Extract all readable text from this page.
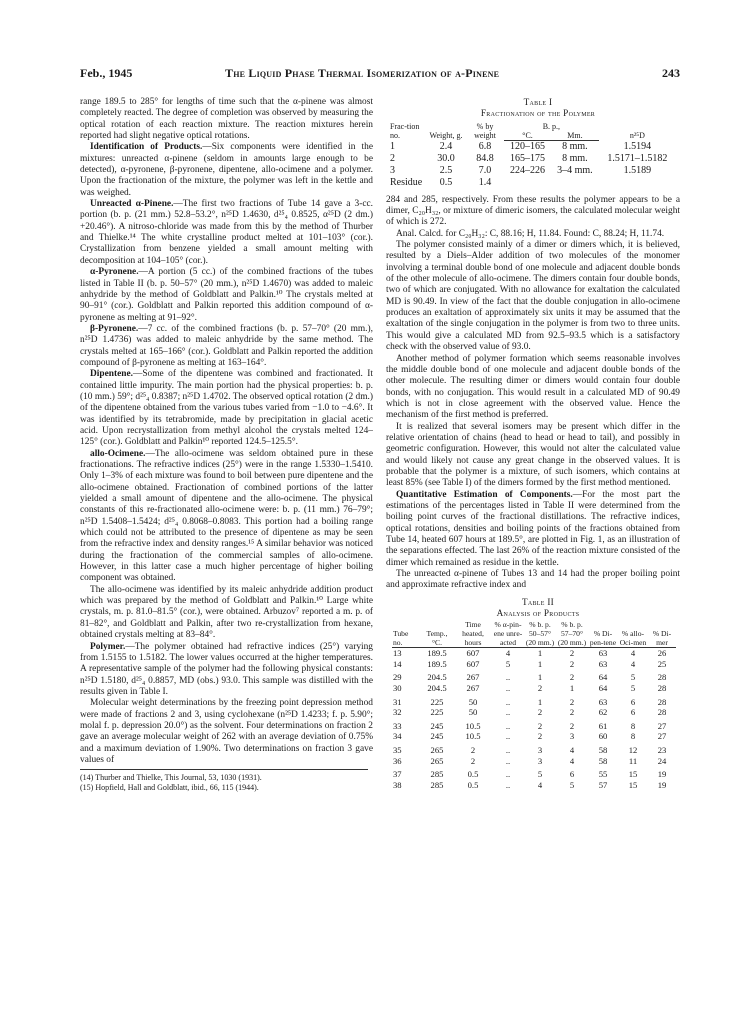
Feb., 1945	The Liquid Phase Thermal Isomerization of α-Pinene	243

range 189.5 to 285° for lengths of time such that the α-pinene was almost completely reacted. The degree of completion was observed by measuring the optical rotation of each reaction mixture. The reaction mixtures herein reported had slight negative optical rotations.

Identification of Products.—Six components were identified in the mixtures: unreacted α-pinene (seldom in amounts large enough to be detected), α-pyronene, β-pyronene, dipentene, allo-ocimene and a polymer. Upon the fractionation of the mixture, the polymer was left in the kettle and was weighed.

Unreacted α-Pinene.—The first two fractions of Tube 14 gave a 3-cc. portion (b. p. (21 mm.) 52.8–53.2°, n²⁵D 1.4630, d²⁵₄ 0.8525, α²⁵D (2 dm.) +20.46°). A nitroso-chloride was made from this by the method of Thurber and Thielke.¹⁴ The white crystalline product melted at 101–103° (cor.). Crystallization from benzene yielded a small amount melting with decomposition at 104–105° (cor.).

α-Pyronene.—A portion (5 cc.) of the combined fractions of the tubes listed in Table II (b. p. 50–57° (20 mm.), n²⁵D 1.4670) was added to maleic anhydride by the method of Goldblatt and Palkin.¹⁰ The crystals melted at 90–91° (cor.). Goldblatt and Palkin reported this addition compound of α-pyronene as melting at 91–92°.

β-Pyronene.—7 cc. of the combined fractions (b. p. 57–70° (20 mm.), n²⁵D 1.4736) was added to maleic anhydride by the same method. The crystals melted at 165–166° (cor.). Goldblatt and Palkin reported the addition compound of β-pyronene as melting at 163–164°.

Dipentene.—Some of the dipentene was combined and fractionated. It contained little impurity. The main portion had the physical properties: b. p. (10 mm.) 59°; d²⁵₄ 0.8387; n²⁵D 1.4702. The observed optical rotation (2 dm.) of the dipentene obtained from the various tubes varied from −1.0 to −4.6°. It was identified by its tetrabromide, made by precipitation in glacial acetic acid. Upon recrystallization from methyl alcohol the crystals melted 124–125° (cor.). Goldblatt and Palkin¹⁰ reported 124.5–125.5°.

allo-Ocimene.—The allo-ocimene was seldom obtained pure in these fractionations. The refractive indices (25°) were in the range 1.5330–1.5410. Only 1–3% of each mixture was found to boil between pure dipentene and the allo-ocimene obtained. Fractionation of combined portions of the latter yielded a small amount of dipentene and the allo-ocimene. The physical constants of this re-fractionated allo-ocimene were: b. p. (11 mm.) 76–79°; n²⁵D 1.5408–1.5424; d²⁵₄ 0.8068–0.8083. This portion had a boiling range which could not be attributed to the presence of dipentene as may be seen from the refractive index and density ranges.¹⁵ A similar behavior was noticed during the fractionation of the commercial samples of allo-ocimene. However, in this latter case a much higher percentage of higher boiling component was obtained.

The allo-ocimene was identified by its maleic anhydride addition product which was prepared by the method of Goldblatt and Palkin.¹⁰ Large white crystals, m. p. 81.0–81.5° (cor.), were obtained. Arbuzov⁷ reported a m. p. of 81–82°, and Goldblatt and Palkin, after two re-crystallization from hexane, obtained crystals melting at 83–84°.

Polymer.—The polymer obtained had refractive indices (25°) varying from 1.5155 to 1.5182. The lower values occurred at the higher temperatures. A representative sample of the polymer had the following physical constants: n²⁵D 1.5180, d²⁵₄ 0.8857, MD (obs.) 93.0. This sample was distilled with the results given in Table I.

Molecular weight determinations by the freezing point depression method were made of fractions 2 and 3, using cyclohexane (n²⁵D 1.4233; f. p. 5.90°; molal f. p. depression 20.0°) as the solvent. Four determinations on fraction 2 gave an average molecular weight of 262 with an average deviation of 0.75% and a maximum deviation of 1.90%. Two determinations on fraction 3 gave values of

(14) Thurber and Thielke, This Journal, 53, 1030 (1931).

(15) Hopfield, Hall and Goldblatt, ibid., 66, 115 (1944).

Table I

Fractionation of the Polymer

Frac-tion no.	Weight, g.	% by weight	B. p.,		n²⁵D
			°C.	Mm.	
1	2.4	6.8	120–165	8 mm.	1.5194
2	30.0	84.8	165–175	8 mm.	1.5171–1.5182
3	2.5	7.0	224–226	3–4 mm.	1.5189
Residue	0.5	1.4			

284 and 285, respectively. From these results the polymer appears to be a dimer, C₂₀H₃₂, or mixture of dimeric isomers, the calculated molecular weight of which is 272.

Anal. Calcd. for C₂₀H₃₂: C, 88.16; H, 11.84. Found: C, 88.24; H, 11.74.

The polymer consisted mainly of a dimer or dimers which, it is believed, resulted by a Diels–Alder addition of two molecules of the monomer involving a terminal double bond of one molecule and adjacent double bonds of the other molecule of allo-ocimene. The dimers contain four double bonds, two of which are conjugated. With no allowance for exaltation the calculated MD is 90.49. In view of the fact that the double conjugation in allo-ocimene produces an exaltation of approximately six units it may be assumed that the exaltation of the single conjugation in the polymer is from two to three units. This would give a calculated MD from 92.5–93.5 which is a satisfactory check with the observed value of 93.0.

Another method of polymer formation which seems reasonable involves the middle double bond of one molecule and adjacent double bonds of the other molecule. The resulting dimer or dimers would contain four double bonds, with no conjugation. This would result in a calculated MD of 90.49 which is not in close agreement with the observed value. Hence the mechanism of the first method is preferred.

It is realized that several isomers may be present which differ in the relative orientation of chains (head to head or head to tail), and possibly in geometric configuration. However, this would not alter the calculated value and would likely not cause any great change in the observed values. It is probable that the polymer is a mixture, of such isomers, which contains at least 85% (see Table I) of the dimers formed by the first method mentioned.

Quantitative Estimation of Components.—For the most part the estimations of the percentages listed in Table II were determined from the boiling point curves of the fractional distillations. The refractive indices, optical rotations, densities and boiling points of the fractions obtained from Tube 14, heated 607 hours at 189.5°, are plotted in Fig. 1, as an illustration of the separations effected. The last 26% of the reaction mixture consisted of the dimer which remained as residue in the kettle.

The unreacted α-pinene of Tubes 13 and 14 had the proper boiling point and approximate refractive index and

Table II

Analysis of Products

Tube no.	Temp., °C.	Time heated, hours	% α-pin-ene unre-acted	% b. p. 50–57° (20 mm.)	% b. p. 57–70° (20 mm.)	% Di-pen-tene	% allo-Oci-men	% Di-mer
13	189.5	607	4	1	2	63	4	26
14	189.5	607	5	1	2	63	4	25
29	204.5	267	..	1	2	64	5	28
30	204.5	267	..	2	1	64	5	28
31	225	50	..	1	2	63	6	28
32	225	50	..	2	2	62	6	28
33	245	10.5	..	2	2	61	8	27
34	245	10.5	..	2	3	60	8	27
35	265	2	..	3	4	58	12	23
36	265	2	..	3	4	58	11	24
37	285	0.5	..	5	6	55	15	19
38	285	0.5	..	4	5	57	15	19
